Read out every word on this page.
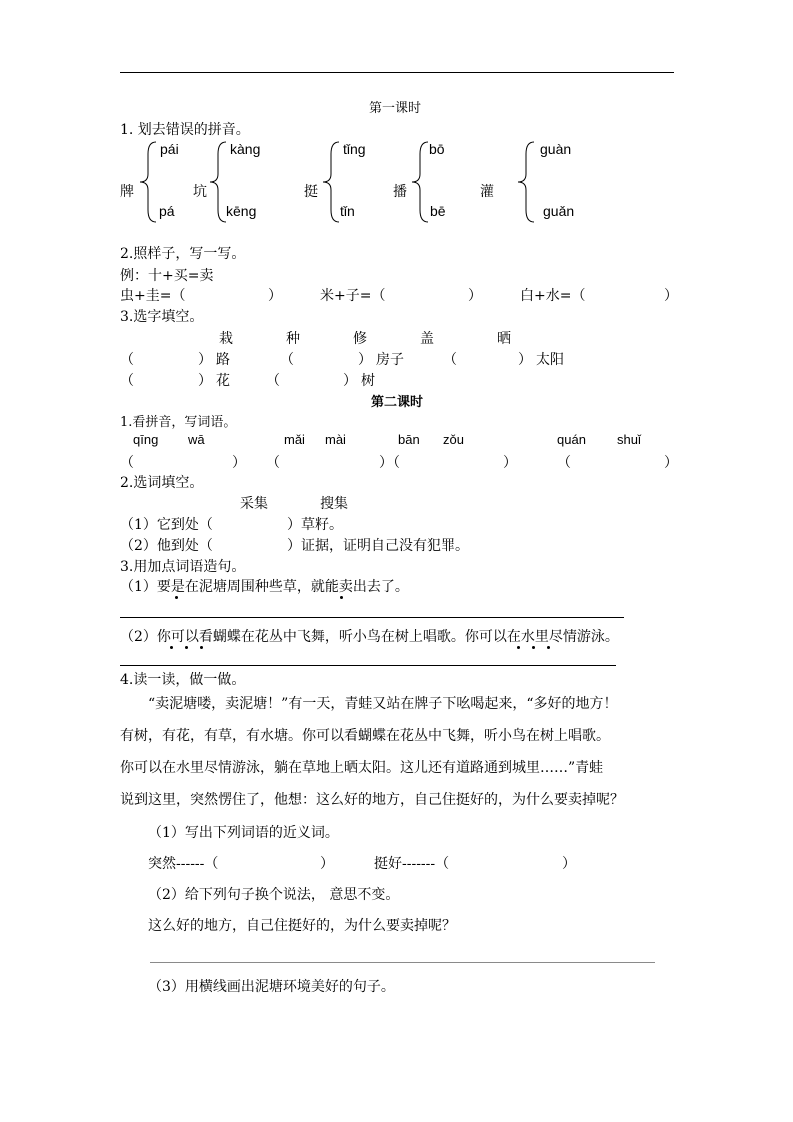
第一课时
1. 划去错误的拼音。
牌
pái
pá
坑
kàng
kēng
挺
tǐng
tǐn
播
bō
bē
灌
guàn
guǎn
2.照样子，写一写。
例：十+买=卖
虫+圭=（	）	米+子=（	）	白+水=（	）
3.选字填空。
栽	种	修	盖	晒
（	） 路	（	） 房子	（	） 太阳
（	） 花	（	） 树
第二课时
1.看拼音，写词语。
qīng wā	mǎi mài	bān zǒu	quán shuǐ
（	） （	）（	）	（	）
2.选词填空。
采集	搜集
（1）它到处（	）草籽。
（2）他到处（	）证据，证明自己没有犯罪。
3.用加点词语造句。
（1）要是在泥塘周围种些草，就能卖出去了。
（2）你可以看蝴蝶在花丛中飞舞，听小鸟在树上唱歌。你可以在水里尽情游泳。
4.读一读，做一做。
“卖泥塘喽，卖泥塘！”有一天，青蛙又站在牌子下吆喝起来，“多好的地方！
有树，有花，有草，有水塘。你可以看蝴蝶在花丛中飞舞，听小鸟在树上唱歌。
你可以在水里尽情游泳，躺在草地上晒太阳。这儿还有道路通到城里……”青蛙
说到这里，突然愣住了，他想：这么好的地方，自己住挺好的，为什么要卖掉呢？
（1）写出下列词语的近义词。
突然------（	）	挺好-------（	）
（2）给下列句子换个说法， 意思不变。
这么好的地方，自己住挺好的，为什么要卖掉呢？
（3）用横线画出泥塘环境美好的句子。
